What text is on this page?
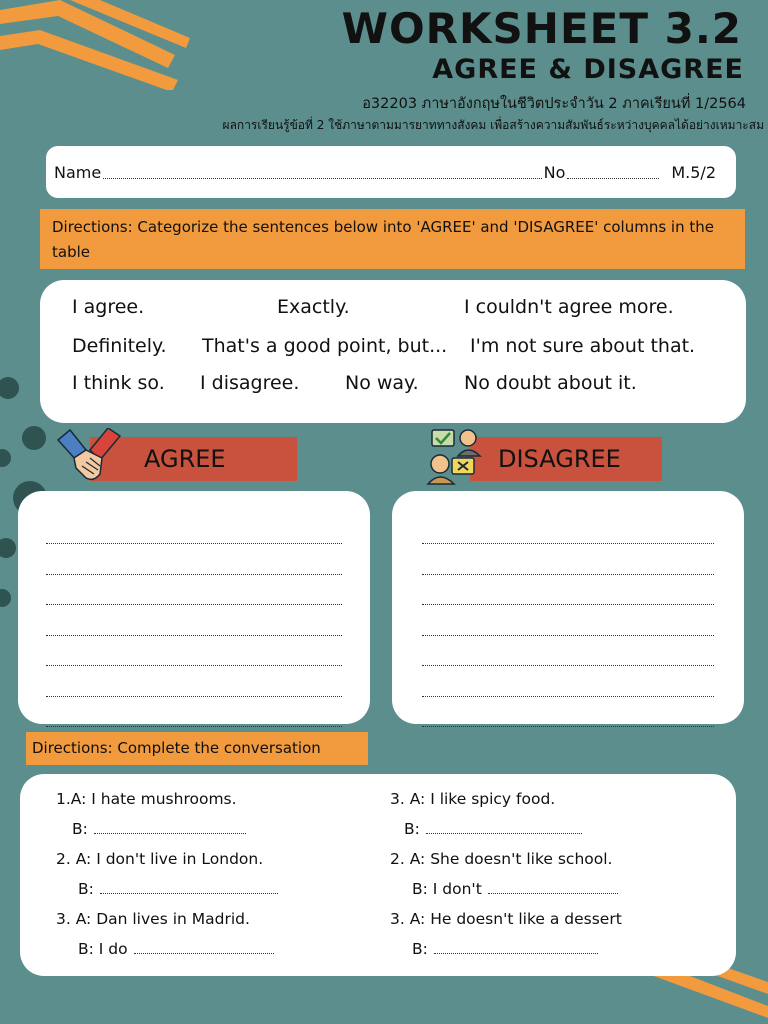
WORKSHEET 3.2
AGREE & DISAGREE
อ32203 ภาษาอังกฤษในชีวิตประจำวัน 2 ภาคเรียนที่ 1/2564
ผลการเรียนรู้ข้อที่ 2 ใช้ภาษาตามมารยาททางสังคม เพื่อสร้างความสัมพันธ์ระหว่างบุคคลได้อย่างเหมาะสม
Name	No	M.5/2
Directions: Categorize the sentences below into 'AGREE' and 'DISAGREE' columns in the table
I agree.	Exactly.	I couldn't agree more.
Definitely. That's a good point, but... I'm not sure about that.
I think so. I disagree. No way. No doubt about it.
AGREE	DISAGREE
Directions: Complete the conversation
1.A: I hate mushrooms.
B:
2. A: I don't live in London.
B:
3. A: Dan lives in Madrid.
B: I do
3. A: I like spicy food.
B:
2. A: She doesn't like school.
B: I don't
3. A: He doesn't like a dessert
B:
